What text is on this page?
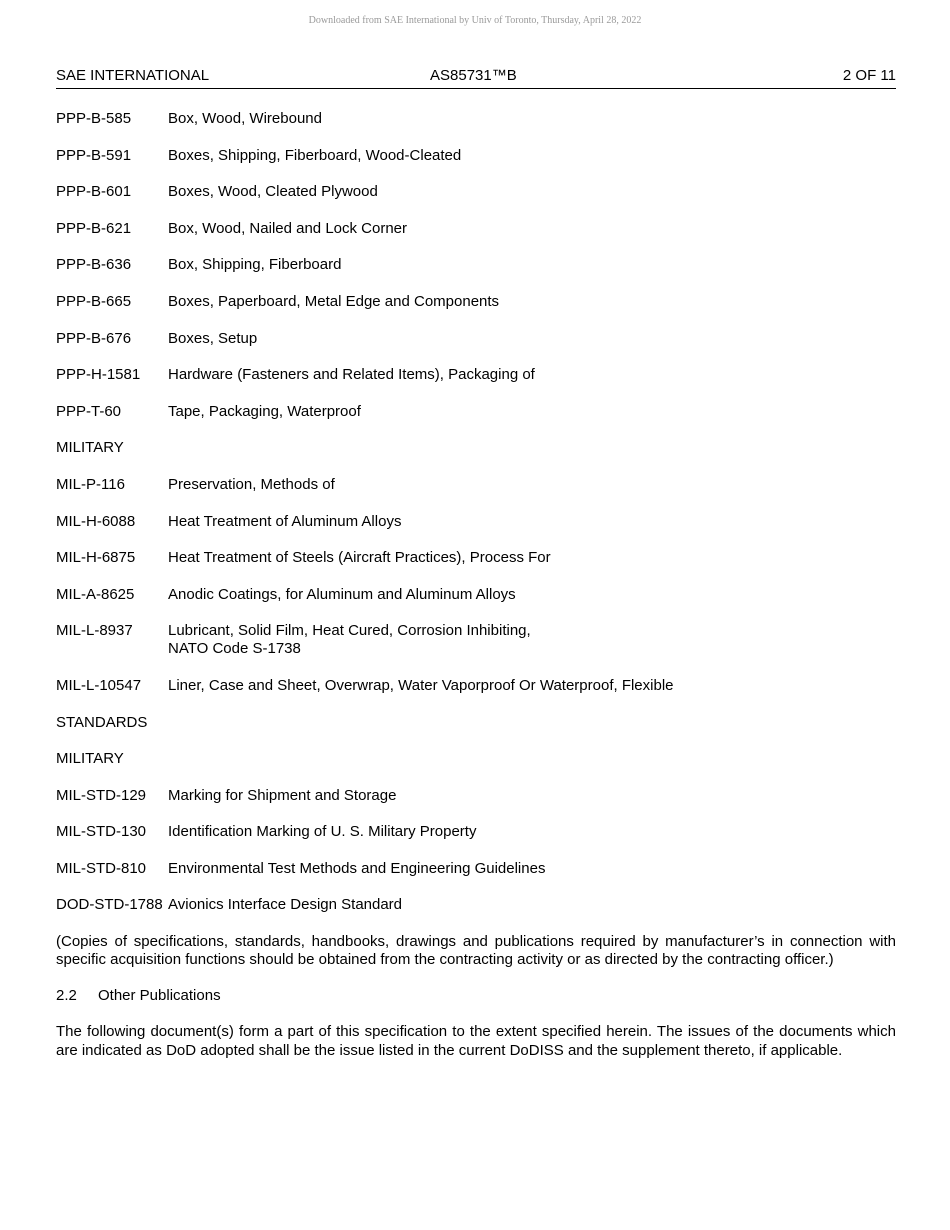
Downloaded from SAE International by Univ of Toronto, Thursday, April 28, 2022
SAE INTERNATIONAL	AS85731™B	2 OF 11
PPP-B-585 Box, Wood, Wirebound
PPP-B-591 Boxes, Shipping, Fiberboard, Wood-Cleated
PPP-B-601 Boxes, Wood, Cleated Plywood
PPP-B-621 Box, Wood, Nailed and Lock Corner
PPP-B-636 Box, Shipping, Fiberboard
PPP-B-665 Boxes, Paperboard, Metal Edge and Components
PPP-B-676 Boxes, Setup
PPP-H-1581 Hardware (Fasteners and Related Items), Packaging of
PPP-T-60	Tape, Packaging, Waterproof
MILITARY
MIL-P-116	Preservation, Methods of
MIL-H-6088 Heat Treatment of Aluminum Alloys
MIL-H-6875 Heat Treatment of Steels (Aircraft Practices), Process For
MIL-A-8625 Anodic Coatings, for Aluminum and Aluminum Alloys
MIL-L-8937 Lubricant, Solid Film, Heat Cured, Corrosion Inhibiting,
NATO Code S-1738
MIL-L-10547 Liner, Case and Sheet, Overwrap, Water Vaporproof Or Waterproof, Flexible
STANDARDS
MILITARY
MIL-STD-129 Marking for Shipment and Storage
MIL-STD-130 Identification Marking of U. S. Military Property
MIL-STD-810 Environmental Test Methods and Engineering Guidelines
DOD-STD-1788 Avionics Interface Design Standard
(Copies of specifications, standards, handbooks, drawings and publications required by manufacturer’s in connection with specific acquisition functions should be obtained from the contracting activity or as directed by the contracting officer.)
2.2 Other Publications
The following document(s) form a part of this specification to the extent specified herein. The issues of the documents which are indicated as DoD adopted shall be the issue listed in the current DoDISS and the supplement thereto, if applicable.
